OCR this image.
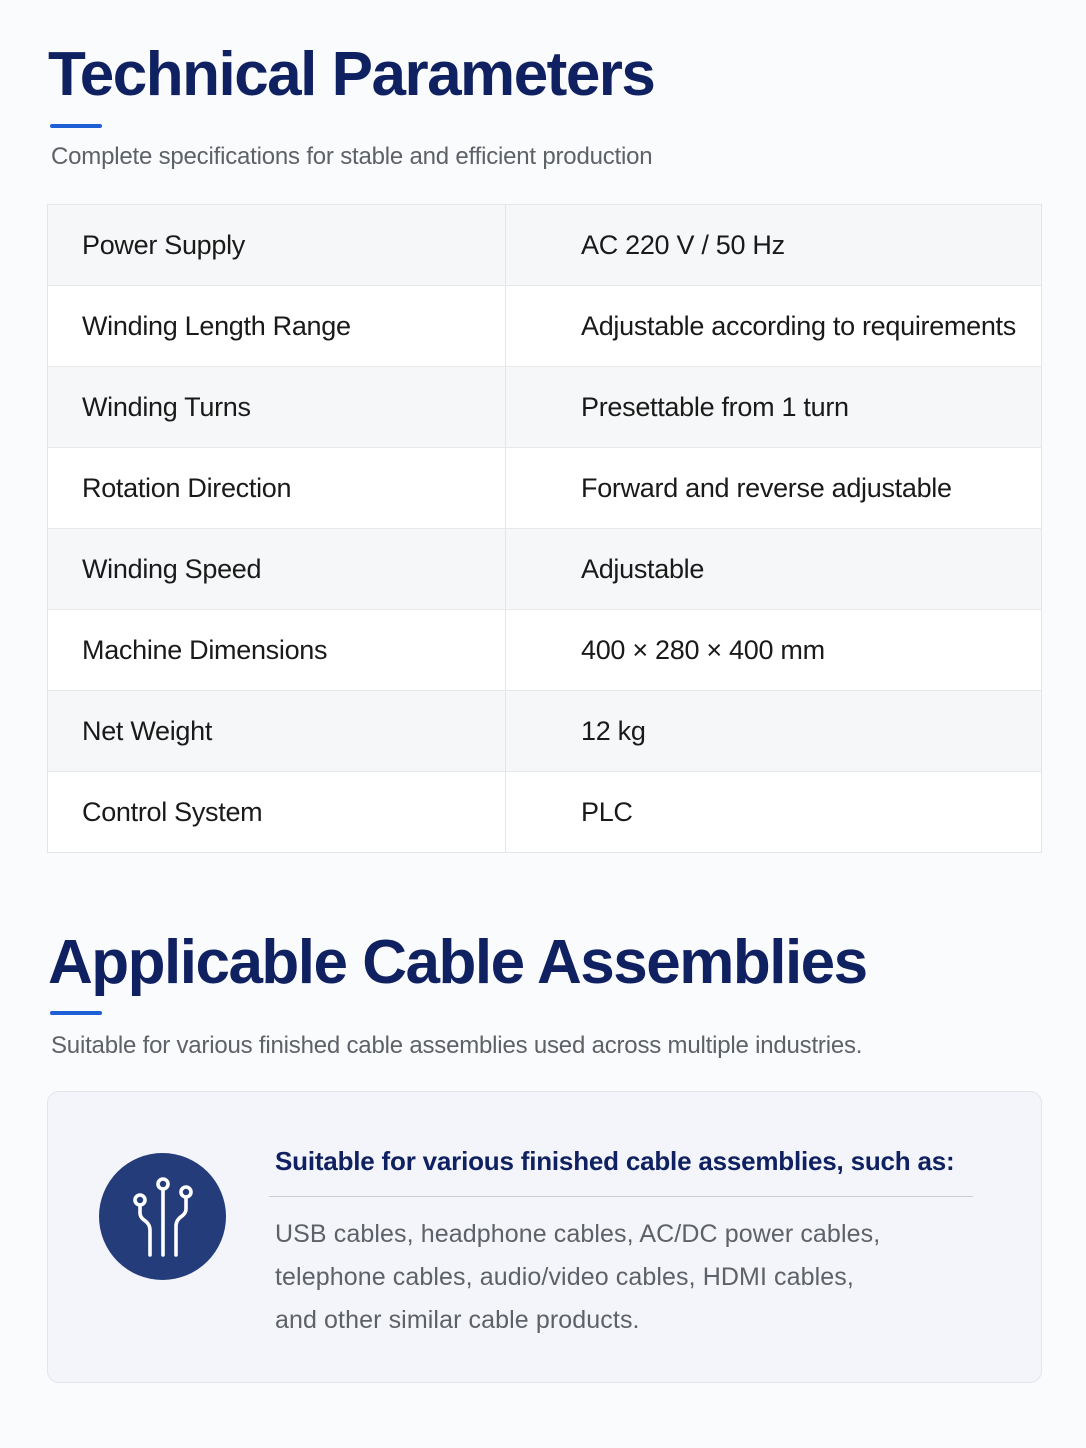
Technical Parameters

Complete specifications for stable and efficient production

Power Supply	AC 220 V / 50 Hz
Winding Length Range	Adjustable according to requirements
Winding Turns	Presettable from 1 turn
Rotation Direction	Forward and reverse adjustable
Winding Speed	Adjustable
Machine Dimensions	400 × 280 × 400 mm
Net Weight	12 kg
Control System	PLC
Applicable Cable Assemblies

Suitable for various finished cable assemblies used across multiple industries.

Suitable for various finished cable assemblies, such as:
USB cables, headphone cables, AC/DC power cables,
telephone cables, audio/video cables, HDMI cables,
and other similar cable products.
